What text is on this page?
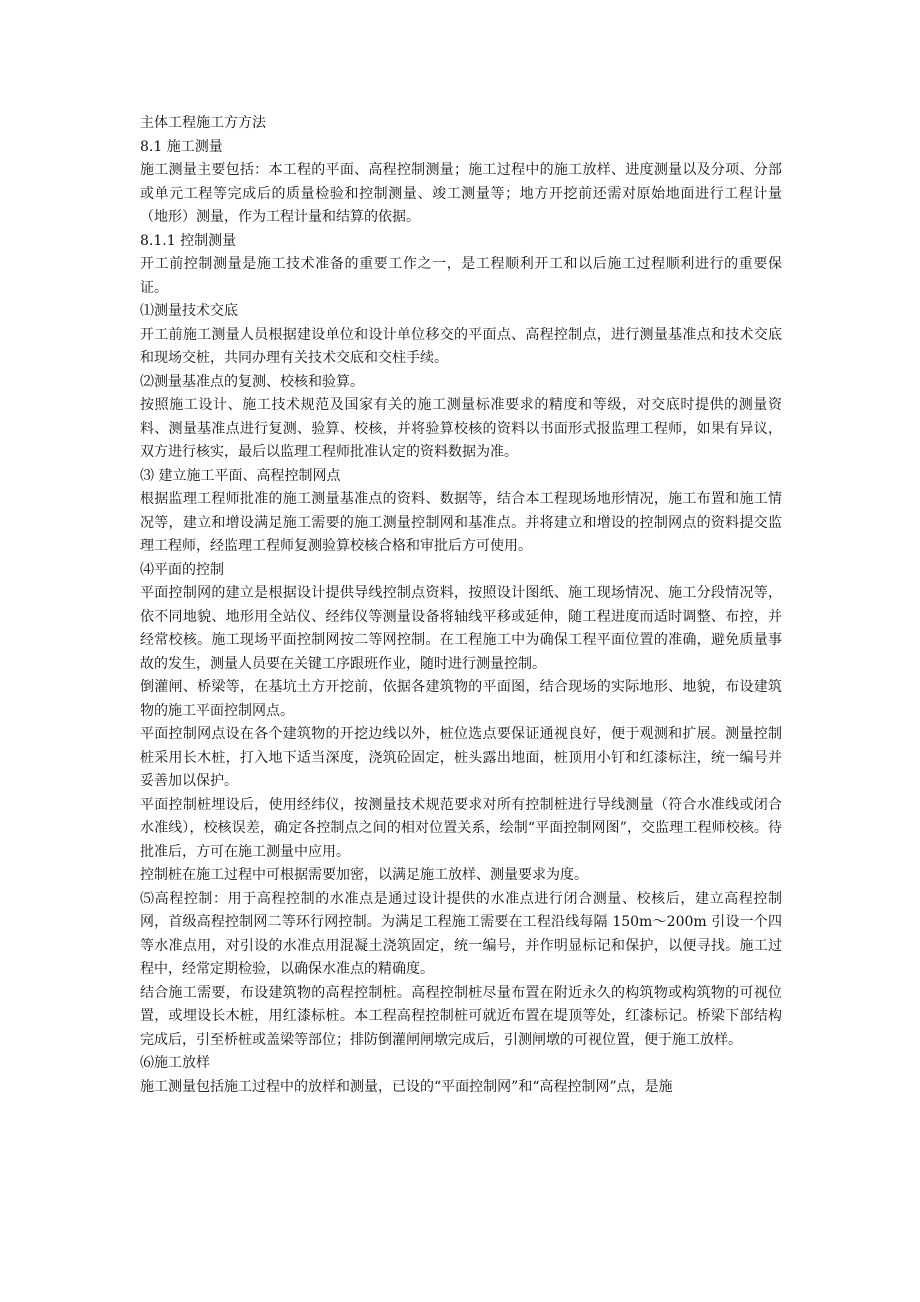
主体工程施工方方法

8.1 施工测量

施工测量主要包括：本工程的平面、高程控制测量；施工过程中的施工放样、进度测量以及分项、分部或单元工程等完成后的质量检验和控制测量、竣工测量等；地方开挖前还需对原始地面进行工程计量（地形）测量，作为工程计量和结算的依据。

8.1.1 控制测量

开工前控制测量是施工技术准备的重要工作之一，是工程顺利开工和以后施工过程顺利进行的重要保证。

⑴测量技术交底

开工前施工测量人员根据建设单位和设计单位移交的平面点、高程控制点，进行测量基准点和技术交底和现场交桩，共同办理有关技术交底和交柱手续。

⑵测量基准点的复测、校核和验算。

按照施工设计、施工技术规范及国家有关的施工测量标准要求的精度和等级，对交底时提供的测量资料、测量基准点进行复测、验算、校核，并将验算校核的资料以书面形式报监理工程师，如果有异议，双方进行核实，最后以监理工程师批准认定的资料数据为准。

⑶ 建立施工平面、高程控制网点

根据监理工程师批准的施工测量基准点的资料、数据等，结合本工程现场地形情况，施工布置和施工情况等，建立和增设满足施工需要的施工测量控制网和基准点。并将建立和增设的控制网点的资料提交监理工程师，经监理工程师复测验算校核合格和审批后方可使用。

⑷平面的控制

平面控制网的建立是根据设计提供导线控制点资料，按照设计图纸、施工现场情况、施工分段情况等，依不同地貌、地形用全站仪、经纬仪等测量设备将轴线平移或延伸，随工程进度而适时调整、布控，并经常校核。施工现场平面控制网按二等网控制。在工程施工中为确保工程平面位置的准确，避免质量事故的发生，测量人员要在关键工序跟班作业，随时进行测量控制。

倒灌闸、桥梁等，在基坑土方开挖前，依据各建筑物的平面图，结合现场的实际地形、地貌，布设建筑物的施工平面控制网点。

平面控制网点设在各个建筑物的开挖边线以外，桩位选点要保证通视良好，便于观测和扩展。测量控制桩采用长木桩，打入地下适当深度，浇筑砼固定，桩头露出地面，桩顶用小钉和红漆标注，统一编号并妥善加以保护。

平面控制桩埋设后，使用经纬仪，按测量技术规范要求对所有控制桩进行导线测量（符合水准线或闭合水准线），校核误差，确定各控制点之间的相对位置关系，绘制“平面控制网图”，交监理工程师校核。待批准后，方可在施工测量中应用。

控制桩在施工过程中可根据需要加密，以满足施工放样、测量要求为度。

⑸高程控制：用于高程控制的水准点是通过设计提供的水准点进行闭合测量、校核后，建立高程控制网，首级高程控制网二等环行网控制。为满足工程施工需要在工程沿线每隔 150m～200m 引设一个四等水准点用，对引设的水准点用混凝土浇筑固定，统一编号，并作明显标记和保护，以便寻找。施工过程中，经常定期检验，以确保水准点的精确度。

结合施工需要，布设建筑物的高程控制桩。高程控制桩尽量布置在附近永久的构筑物或构筑物的可视位置，或埋设长木桩，用红漆标桩。本工程高程控制桩可就近布置在堤顶等处，红漆标记。桥梁下部结构完成后，引至桥桩或盖梁等部位；排防倒灌闸闸墩完成后，引测闸墩的可视位置，便于施工放样。

⑹施工放样

施工测量包括施工过程中的放样和测量，已设的“平面控制网”和“高程控制网”点，是施
